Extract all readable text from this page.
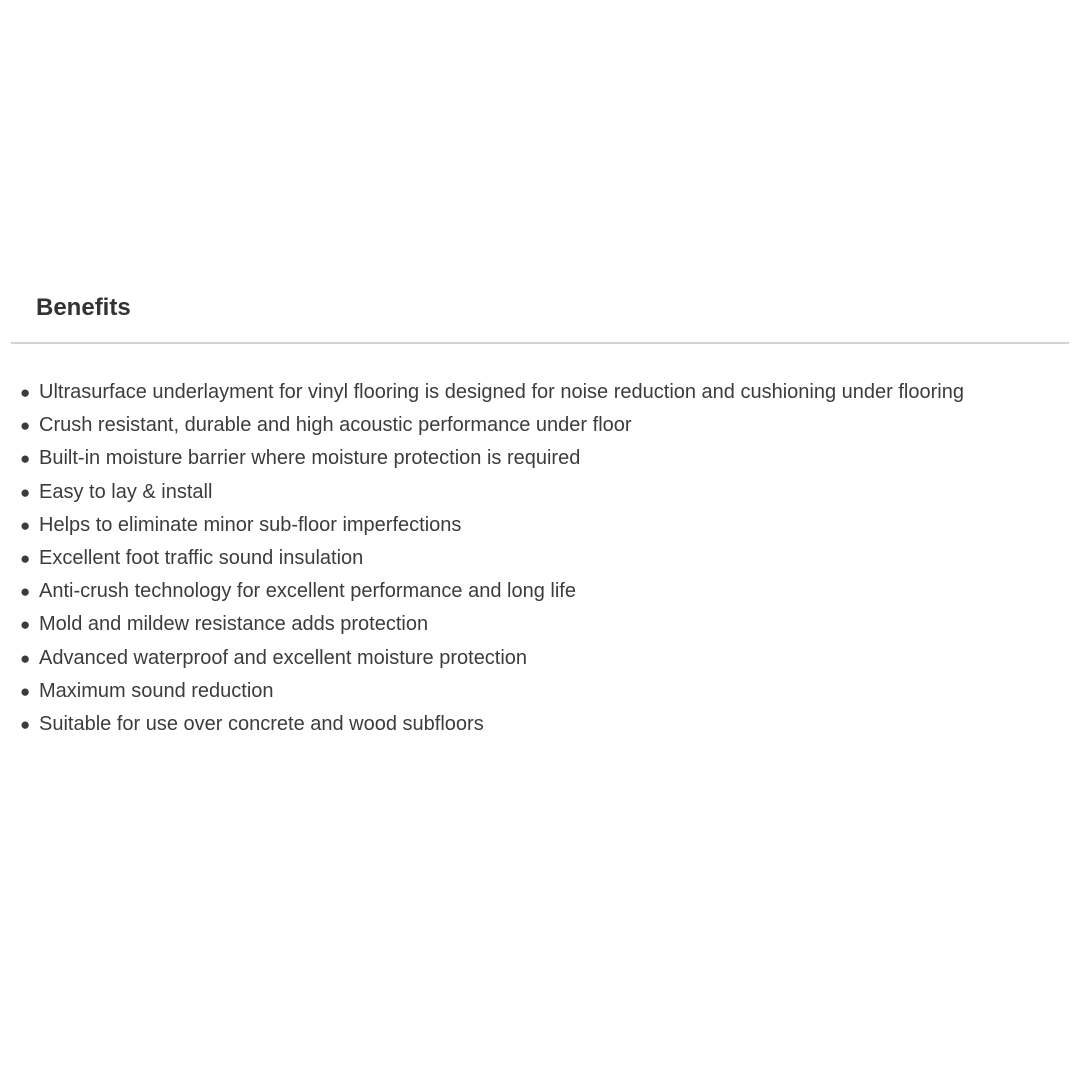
Benefits
● Ultrasurface underlayment for vinyl flooring is designed for noise reduction and cushioning under flooring
● Crush resistant, durable and high acoustic performance under floor
● Built-in moisture barrier where moisture protection is required
● Easy to lay & install
● Helps to eliminate minor sub-floor imperfections
● Excellent foot traffic sound insulation
● Anti-crush technology for excellent performance and long life
● Mold and mildew resistance adds protection
● Advanced waterproof and excellent moisture protection
● Maximum sound reduction
● Suitable for use over concrete and wood subfloors
